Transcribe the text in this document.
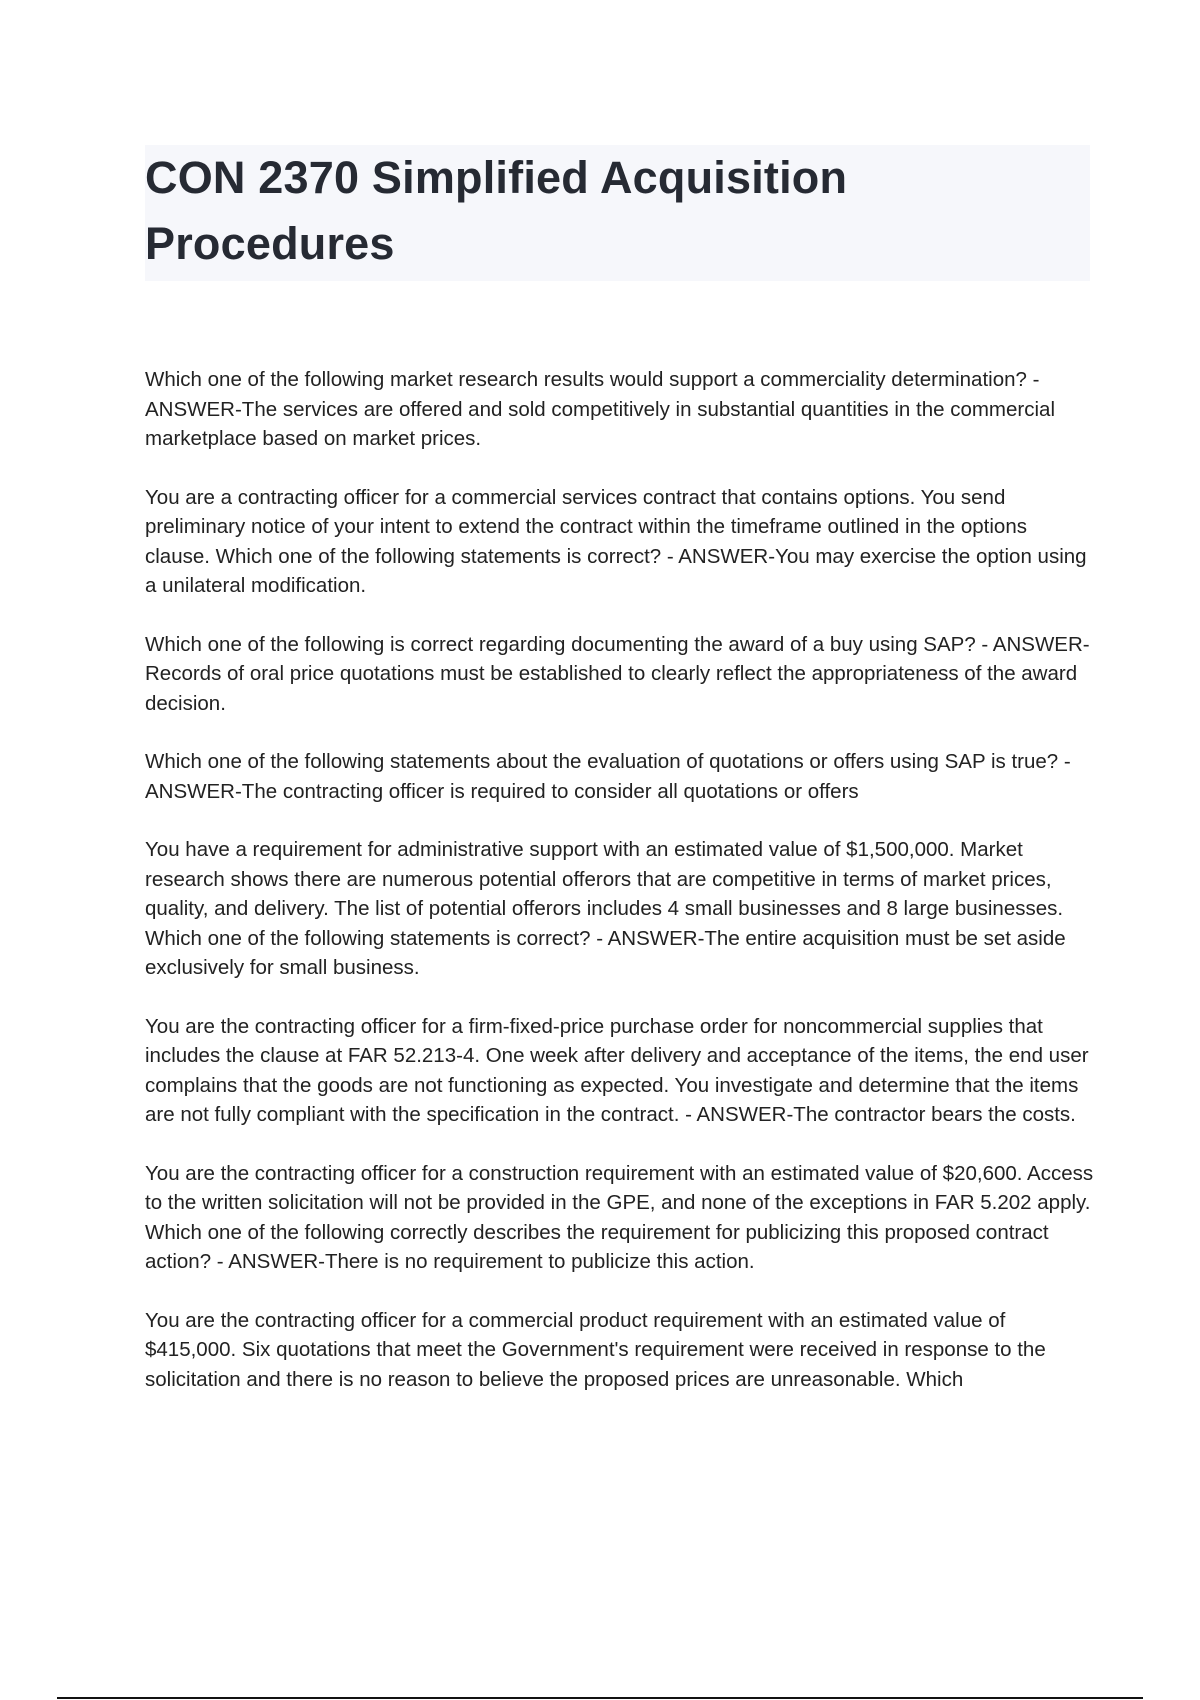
CON 2370 Simplified Acquisition Procedures

Which one of the following market research results would support a commerciality determination? - ANSWER-The services are offered and sold competitively in substantial quantities in the commercial marketplace based on market prices.

You are a contracting officer for a commercial services contract that contains options. You send preliminary notice of your intent to extend the contract within the timeframe outlined in the options clause. Which one of the following statements is correct? - ANSWER-You may exercise the option using a unilateral modification.

Which one of the following is correct regarding documenting the award of a buy using SAP? - ANSWER-Records of oral price quotations must be established to clearly reflect the appropriateness of the award decision.

Which one of the following statements about the evaluation of quotations or offers using SAP is true? - ANSWER-The contracting officer is required to consider all quotations or offers

You have a requirement for administrative support with an estimated value of $1,500,000. Market research shows there are numerous potential offerors that are competitive in terms of market prices, quality, and delivery. The list of potential offerors includes 4 small businesses and 8 large businesses. Which one of the following statements is correct? - ANSWER-The entire acquisition must be set aside exclusively for small business.

You are the contracting officer for a firm-fixed-price purchase order for noncommercial supplies that includes the clause at FAR 52.213-4. One week after delivery and acceptance of the items, the end user complains that the goods are not functioning as expected. You investigate and determine that the items are not fully compliant with the specification in the contract. - ANSWER-The contractor bears the costs.

You are the contracting officer for a construction requirement with an estimated value of $20,600. Access to the written solicitation will not be provided in the GPE, and none of the exceptions in FAR 5.202 apply. Which one of the following correctly describes the requirement for publicizing this proposed contract action? - ANSWER-There is no requirement to publicize this action.

You are the contracting officer for a commercial product requirement with an estimated value of $415,000. Six quotations that meet the Government's requirement were received in response to the solicitation and there is no reason to believe the proposed prices are unreasonable. Which
